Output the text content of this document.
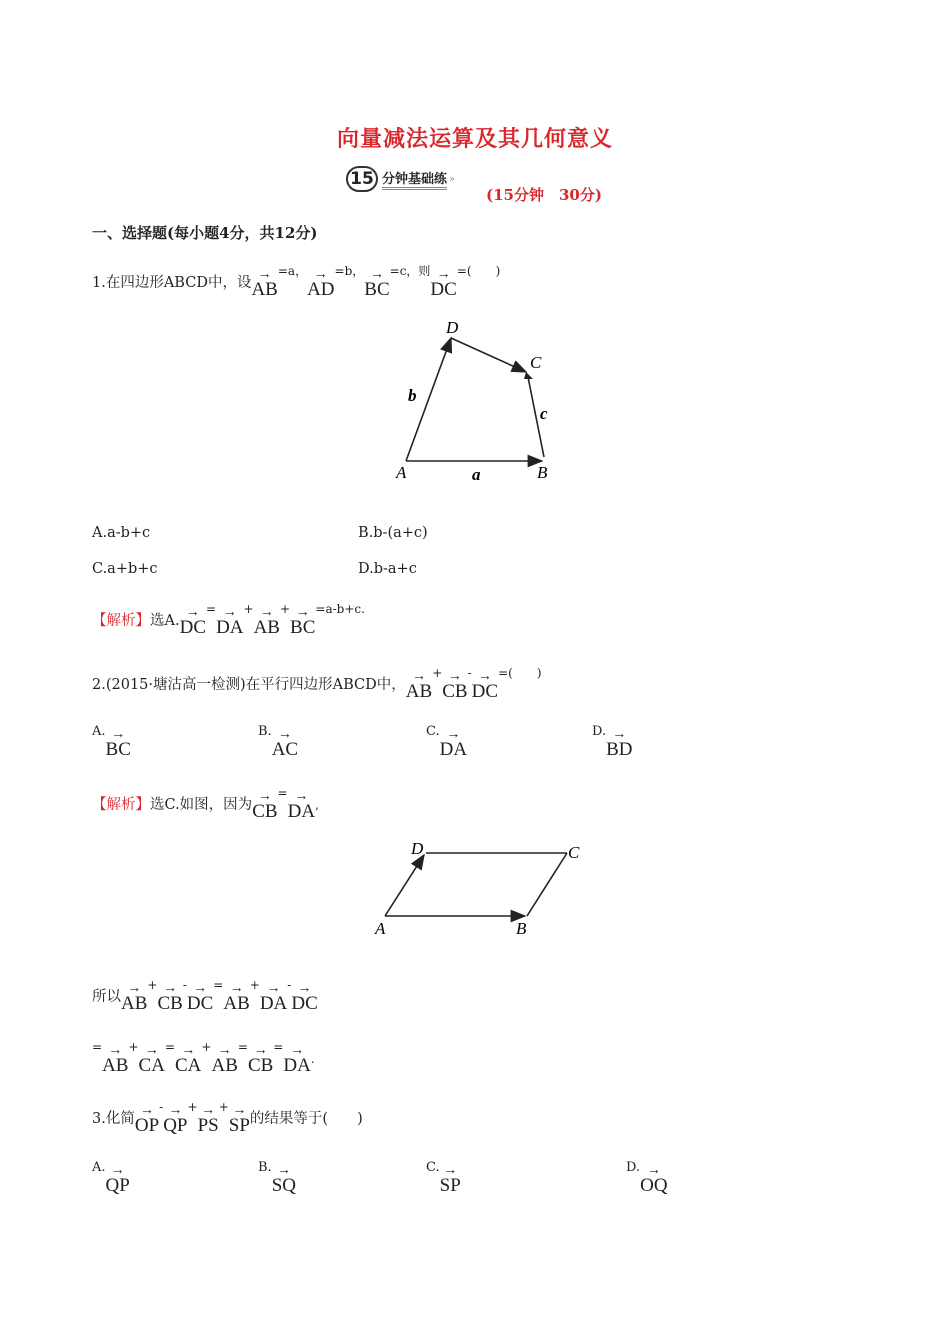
向量减法运算及其几何意义
15 分钟基础练 »
(15分钟　30分)
一、选择题(每小题4分，共12分)
1.在四边形ABCD中，设→ $AB^{=a,}\to AD^{=b,}\to BC^{=c,则}\to DC^{=( )}$
D
C
b
c
A	a	B
A.a-b+c	B.b-(a+c)
C.a+b+c	D.b-a+c
【解析】选$A.\to DC^=\to DA^+\to AB^+\to BC^{=a-b+c.}$
2.(2015·塘沽高一检测)在平行四边形ABCD中，→ AB+→ CB-→ DC=(　　)
A.→ BC
B.→ AC
C.→ DA
D.→ BD
【解析】选C.如图，因为→ CB=→ DA,
D	C
A	B
所以→ AB+→ CB-→ DC=→ AB+→ DA-→ DC
=→ AB+→ CA=→ CA+→ AB=→ CB=→ DA.
3.化简→ OP-→ QP+→ PS+→ SP的结果等于(　　)
A.→ QP
B.→ SQ
C.→ SP
D.→ OQ
